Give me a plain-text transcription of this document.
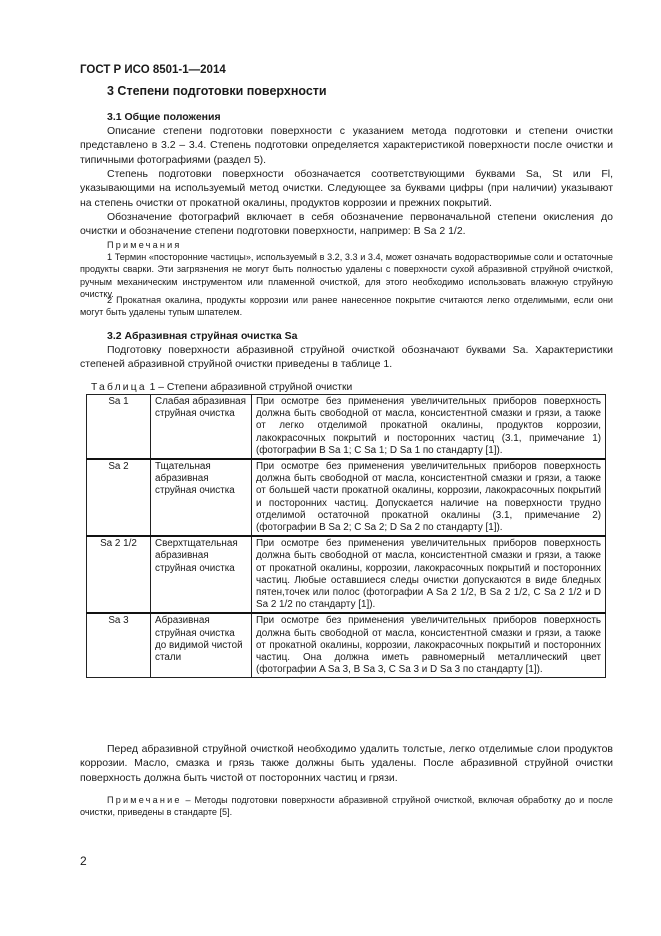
ГОСТ Р ИСО 8501-1—2014
3 Степени подготовки поверхности
3.1 Общие положения
Описание степени подготовки поверхности с указанием метода подготовки и степени очистки представлено в 3.2 – 3.4. Степень подготовки определяется характеристикой поверхности после очистки и типичными фотографиями (раздел 5).
Степень подготовки поверхности обозначается соответствующими буквами Sa, St или Fl, указывающими на используемый метод очистки. Следующее за буквами цифры (при наличии) указывают на степень очистки от прокатной окалины, продуктов коррозии и прежних покрытий.
Обозначение фотографий включает в себя обозначение первоначальной степени окисления до очистки и обозначение степени подготовки поверхности, например: В Sa 2 1/2.
Примечания
1 Термин «посторонние частицы», используемый в 3.2, 3.3 и 3.4, может означать водорастворимые соли и остаточные продукты сварки. Эти загрязнения не могут быть полностью удалены с поверхности сухой абразивной струйной очисткой, ручным механическим инструментом или пламенной очисткой, для этого необходимо использовать влажную струйную очистку.
2 Прокатная окалина, продукты коррозии или ранее нанесенное покрытие считаются легко отделимыми, если они могут быть удалены тупым шпателем.
3.2 Абразивная струйная очистка Sa
Подготовку поверхности абразивной струйной очисткой обозначают буквами Sa. Характеристики степеней абразивной струйной очистки приведены в таблице 1.
Таблица 1 – Степени абразивной струйной очистки
Sa 1	Слабая абразивная струйная очистка	При осмотре без применения увеличительных приборов поверхность должна быть свободной от масла, консистентной смазки и грязи, а также от легко отделимой прокатной окалины, продуктов коррозии, лакокрасочных покрытий и посторонних частиц (3.1, примечание 1) (фотографии В Sa 1; С Sa 1; D Sa 1 по стандарту [1]).
Sa 2	Тщательная абразивная струйная очистка	При осмотре без применения увеличительных приборов поверхность должна быть свободной от масла, консистентной смазки и грязи, а также от большей части прокатной окалины, коррозии, лакокрасочных покрытий и посторонних частиц. Допускается наличие на поверхности трудно отделимой остаточной прокатной окалины (3.1, примечание 2) (фотографии В Sa 2; С Sa 2; D Sa 2 по стандарту [1]).
Sa 2 1/2	Сверхтщательная абразивная струйная очистка	При осмотре без применения увеличительных приборов поверхность должна быть свободной от масла, консистентной смазки и грязи, а также от прокатной окалины, коррозии, лакокрасочных покрытий и посторонних частиц. Любые оставшиеся следы очистки допускаются в виде бледных пятен,точек или полос (фотографии A Sa 2 1/2, B Sa 2 1/2, C Sa 2 1/2 и D Sa 2 1/2 по стандарту [1]).
Sa 3	Абразивная струйная очистка до видимой чистой стали	При осмотре без применения увеличительных приборов поверхность должна быть свободной от масла, консистентной смазки и грязи, а также от прокатной окалины, коррозии, лакокрасочных покрытий и посторонних частиц. Она должна иметь равномерный металлический цвет (фотографии A Sa 3, B Sa 3, C Sa 3 и D Sa 3 по стандарту [1]).
Перед абразивной струйной очисткой необходимо удалить толстые, легко отделимые слои продуктов коррозии. Масло, смазка и грязь также должны быть удалены. После абразивной струйной очистки поверхность должна быть чистой от посторонних частиц и грязи.
Примечание – Методы подготовки поверхности абразивной струйной очисткой, включая обработку до и после очистки, приведены в стандарте [5].
2
